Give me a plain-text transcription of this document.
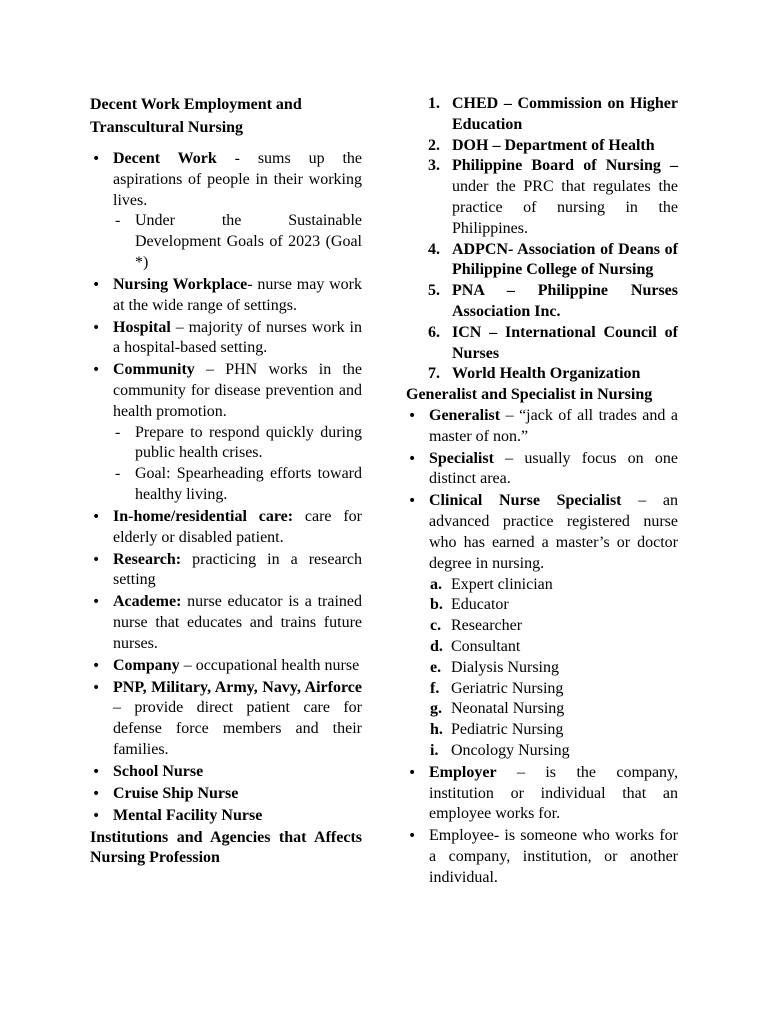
Decent Work Employment and
Transcultural Nursing

• Decent Work - sums up the aspirations of people in their working lives.
- Under the Sustainable Development Goals of 2023 (Goal *)
• Nursing Workplace- nurse may work at the wide range of settings.
• Hospital – majority of nurses work in a hospital-based setting.
• Community – PHN works in the community for disease prevention and health promotion.
- Prepare to respond quickly during public health crises.
- Goal: Spearheading efforts toward healthy living.
• In-home/residential care: care for elderly or disabled patient.
• Research: practicing in a research setting
• Academe: nurse educator is a trained nurse that educates and trains future nurses.
• Company – occupational health nurse
• PNP, Military, Army, Navy, Airforce – provide direct patient care for defense force members and their families.
• School Nurse
• Cruise Ship Nurse
• Mental Facility Nurse

Institutions and Agencies that Affects Nursing Profession

1. CHED – Commission on Higher Education
2. DOH – Department of Health
3. Philippine Board of Nursing – under the PRC that regulates the practice of nursing in the Philippines.
4. ADPCN- Association of Deans of Philippine College of Nursing
5. PNA – Philippine Nurses Association Inc.
6. ICN – International Council of Nurses
7. World Health Organization

Generalist and Specialist in Nursing

• Generalist – “jack of all trades and a master of non.”
• Specialist – usually focus on one distinct area.
• Clinical Nurse Specialist – an advanced practice registered nurse who has earned a master’s or doctor degree in nursing.
a. Expert clinician
b. Educator
c. Researcher
d. Consultant
e. Dialysis Nursing
f. Geriatric Nursing
g. Neonatal Nursing
h. Pediatric Nursing
i. Oncology Nursing
• Employer – is the company, institution or individual that an employee works for.
• Employee- is someone who works for a company, institution, or another individual.
